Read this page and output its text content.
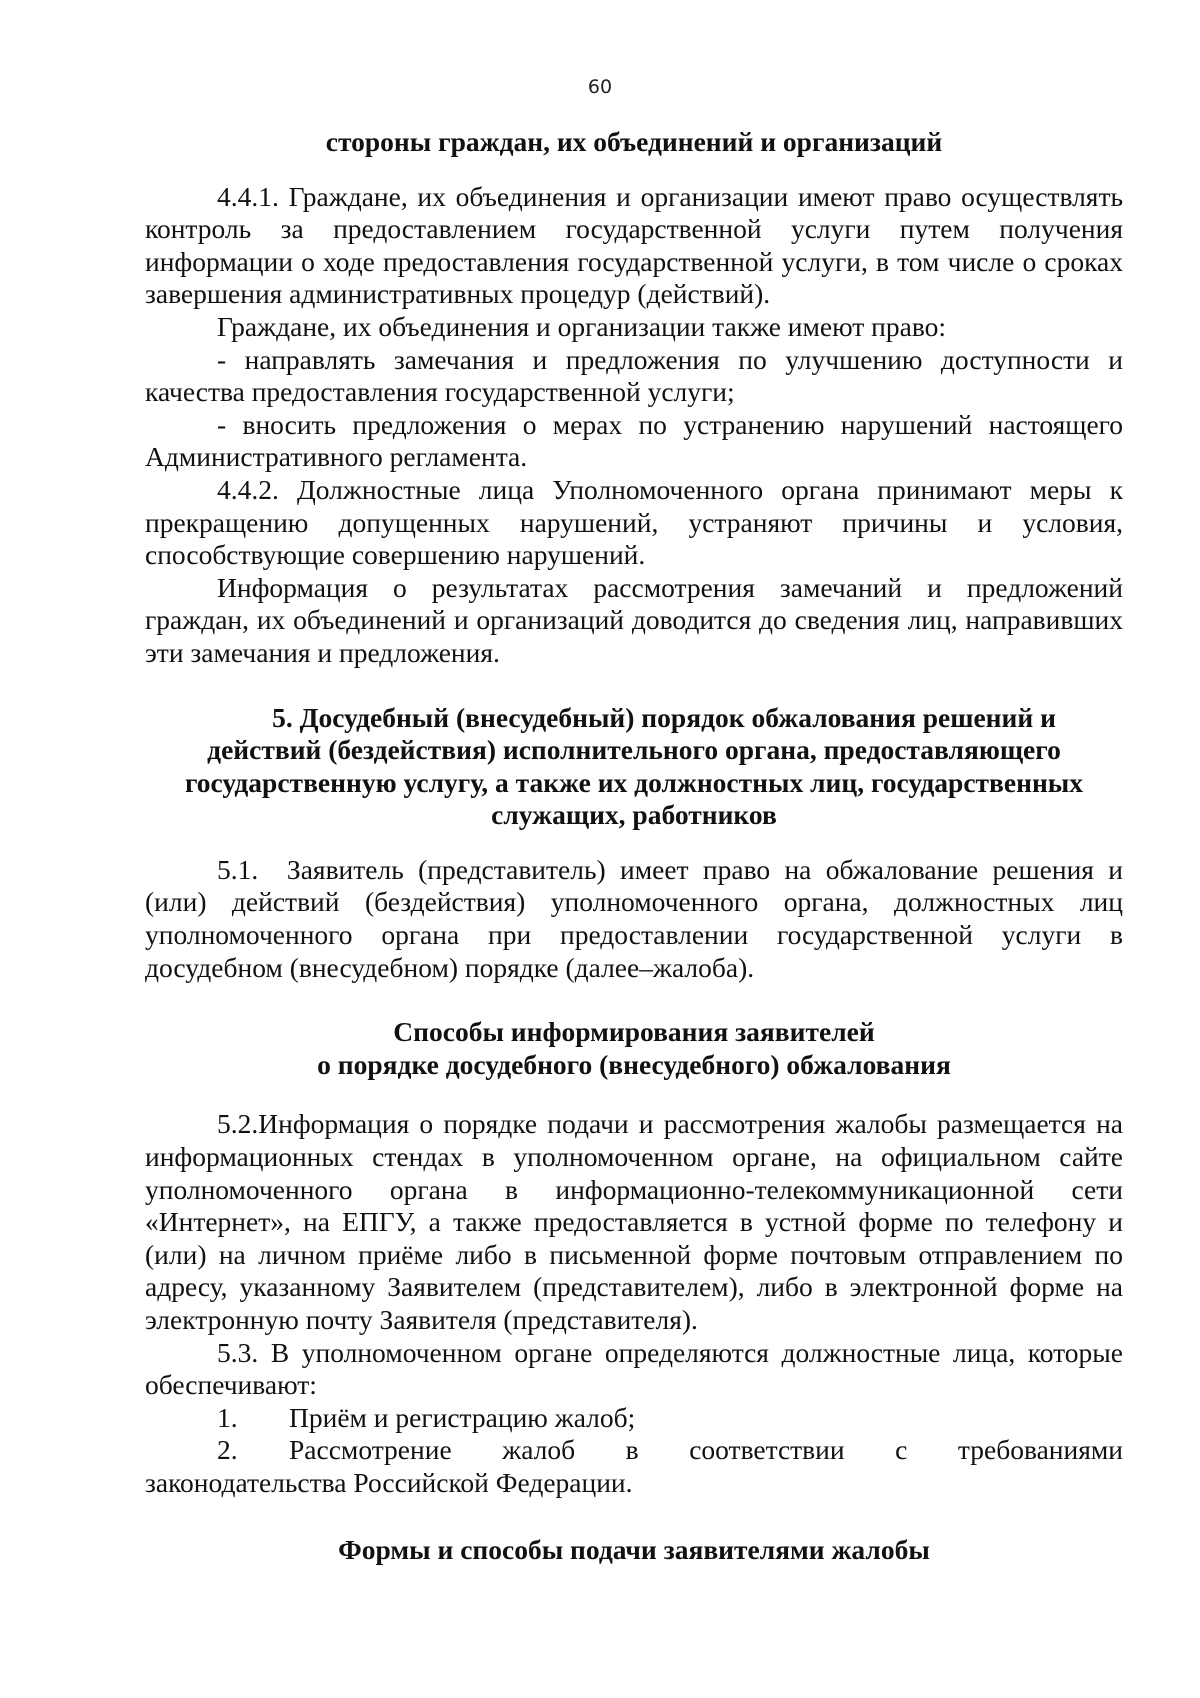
60
стороны граждан, их объединений и организаций
4.4.1. Граждане, их объединения и организации имеют право осуществлять контроль за предоставлением государственной услуги путем получения информации о ходе предоставления государственной услуги, в том числе о сроках завершения административных процедур (действий).
Граждане, их объединения и организации также имеют право:
- направлять замечания и предложения по улучшению доступности и качества предоставления государственной услуги;
- вносить предложения о мерах по устранению нарушений настоящего Административного регламента.
4.4.2. Должностные лица Уполномоченного органа принимают меры к прекращению допущенных нарушений, устраняют причины и условия, способствующие совершению нарушений.
Информация о результатах рассмотрения замечаний и предложений граждан, их объединений и организаций доводится до сведения лиц, направивших эти замечания и предложения.
5. Досудебный (внесудебный) порядок обжалования решений и
действий (бездействия) исполнительного органа, предоставляющего
государственную услугу, а также их должностных лиц, государственных
служащих, работников
5.1.  Заявитель (представитель) имеет право на обжалование решения и (или) действий (бездействия) уполномоченного органа, должностных лиц уполномоченного органа при предоставлении государственной услуги в досудебном (внесудебном) порядке (далее–жалоба).
Способы информирования заявителей
о порядке досудебного (внесудебного) обжалования
5.2.Информация о порядке подачи и рассмотрения жалобы размещается на информационных стендах в уполномоченном органе, на официальном сайте уполномоченного органа в информационно-телекоммуникационной сети «Интернет», на ЕПГУ, а также предоставляется в устной форме по телефону и (или) на личном приёме либо в письменной форме почтовым отправлением по адресу, указанному Заявителем (представителем), либо в электронной форме на электронную почту Заявителя (представителя).
5.3. В уполномоченном органе определяются должностные лица, которые обеспечивают:
1.	Приём и регистрацию жалоб;
2.	Рассмотрение жалоб в соответствии с требованиями
законодательства Российской Федерации.
Формы и способы подачи заявителями жалобы
